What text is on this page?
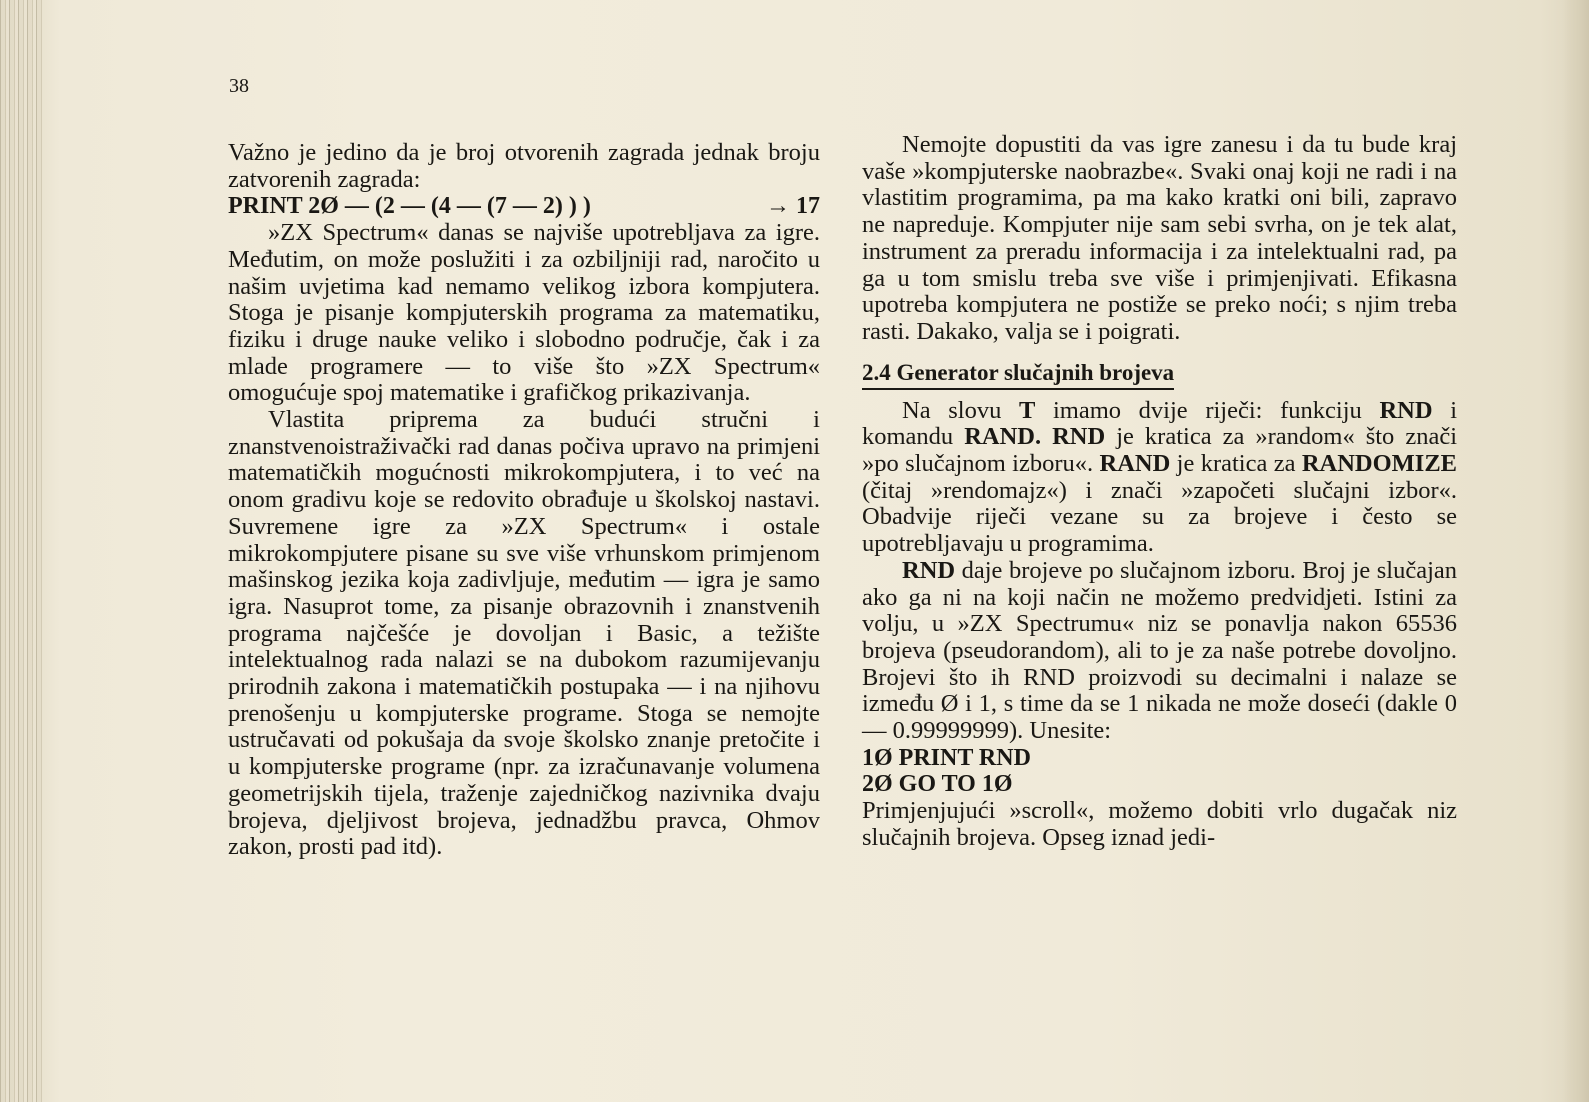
38

Važno je jedino da je broj otvorenih zagrada jednak broju zatvorenih zagrada:

PRINT 2Ø — (2 — (4 — (7 — 2) ) )	→ 17

»ZX Spectrum« danas se najviše upotrebljava za igre. Međutim, on može poslužiti i za ozbiljniji rad, naročito u našim uvjetima kad nemamo velikog izbora kompjutera. Stoga je pisanje kompjuterskih programa za matematiku, fiziku i druge nauke veliko i slobodno područje, čak i za mlade programere — to više što »ZX Spectrum« omogućuje spoj matematike i grafičkog prikazivanja.

Vlastita priprema za budući stručni i znanstvenoistraživački rad danas počiva upravo na primjeni matematičkih mogućnosti mikrokompjutera, i to već na onom gradivu koje se redovito obrađuje u školskoj nastavi. Suvremene igre za »ZX Spectrum« i ostale mikrokompjutere pisane su sve više vrhunskom primjenom mašinskog jezika koja zadivljuje, međutim — igra je samo igra. Nasuprot tome, za pisanje obrazovnih i znanstvenih programa najčešće je dovoljan i Basic, a težište intelektualnog rada nalazi se na dubokom razumijevanju prirodnih zakona i matematičkih postupaka — i na njihovu prenošenju u kompjuterske programe. Stoga se nemojte ustručavati od pokušaja da svoje školsko znanje pretočite i u kompjuterske programe (npr. za izračunavanje volumena geometrijskih tijela, traženje zajedničkog nazivnika dvaju brojeva, djeljivost brojeva, jednadžbu pravca, Ohmov zakon, prosti pad itd).

Nemojte dopustiti da vas igre zanesu i da tu bude kraj vaše »kompjuterske naobrazbe«. Svaki onaj koji ne radi i na vlastitim programima, pa ma kako kratki oni bili, zapravo ne napreduje. Kompjuter nije sam sebi svrha, on je tek alat, instrument za preradu informacija i za intelektualni rad, pa ga u tom smislu treba sve više i primjenjivati. Efikasna upotreba kompjutera ne postiže se preko noći; s njim treba rasti. Dakako, valja se i poigrati.

2.4 Generator slučajnih brojeva

Na slovu T imamo dvije riječi: funkciju RND i komandu RAND. RND je kratica za »random« što znači »po slučajnom izboru«. RAND je kratica za RANDOMIZE (čitaj »rendomajz«) i znači »započeti slučajni izbor«. Obadvije riječi vezane su za brojeve i često se upotrebljavaju u programima.

RND daje brojeve po slučajnom izboru. Broj je slučajan ako ga ni na koji način ne možemo predvidjeti. Istini za volju, u »ZX Spectrumu« niz se ponavlja nakon 65536 brojeva (pseudorandom), ali to je za naše potrebe dovoljno. Brojevi što ih RND proizvodi su decimalni i nalaze se između Ø i 1, s time da se 1 nikada ne može doseći (dakle 0 — 0.99999999). Unesite:

1Ø PRINT RND

2Ø GO TO 1Ø

Primjenjujući »scroll«, možemo dobiti vrlo dugačak niz slučajnih brojeva. Opseg iznad jedi-
